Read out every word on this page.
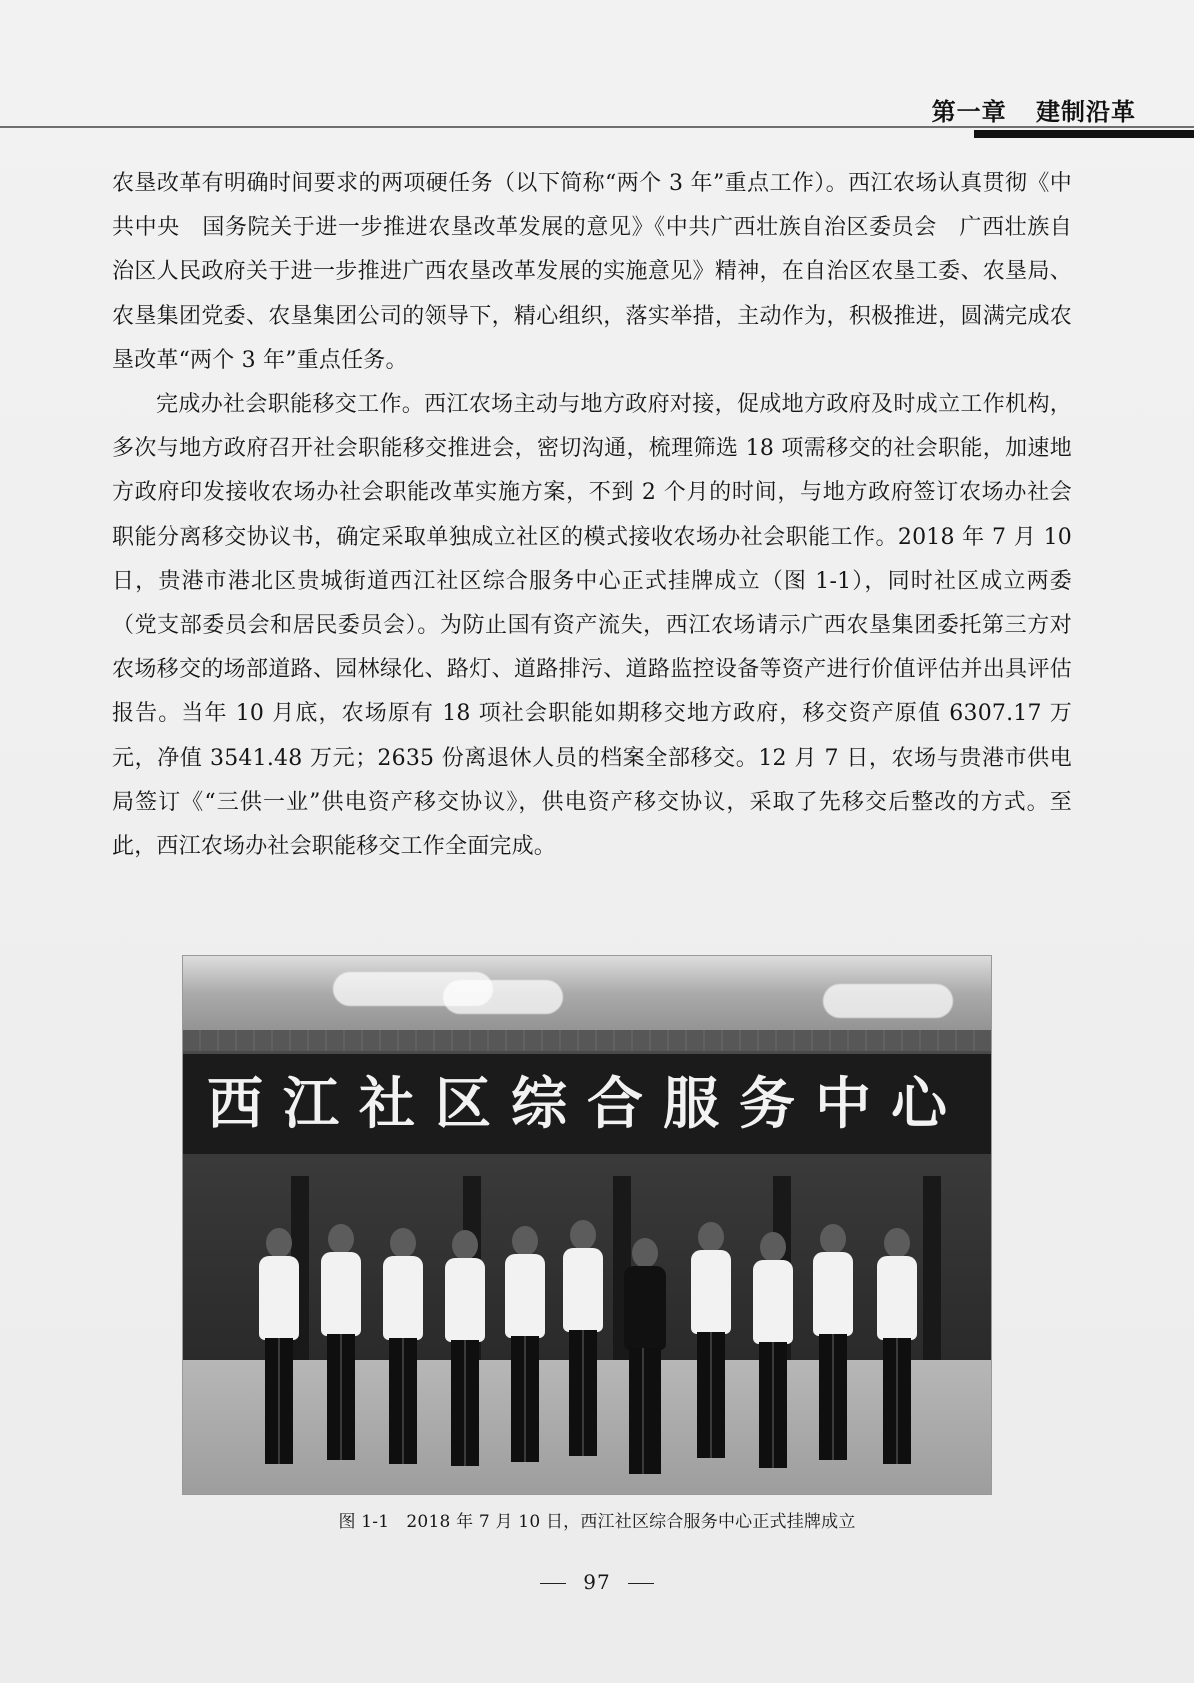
第一章 建制沿革

农垦改革有明确时间要求的两项硬任务（以下简称“两个 3 年”重点工作）。西江农场认真贯彻《中共中央　国务院关于进一步推进农垦改革发展的意见》《中共广西壮族自治区委员会　广西壮族自治区人民政府关于进一步推进广西农垦改革发展的实施意见》精神，在自治区农垦工委、农垦局、农垦集团党委、农垦集团公司的领导下，精心组织，落实举措，主动作为，积极推进，圆满完成农垦改革“两个 3 年”重点任务。

完成办社会职能移交工作。西江农场主动与地方政府对接，促成地方政府及时成立工作机构，多次与地方政府召开社会职能移交推进会，密切沟通，梳理筛选 18 项需移交的社会职能，加速地方政府印发接收农场办社会职能改革实施方案，不到 2 个月的时间，与地方政府签订农场办社会职能分离移交协议书，确定采取单独成立社区的模式接收农场办社会职能工作。2018 年 7 月 10 日，贵港市港北区贵城街道西江社区综合服务中心正式挂牌成立（图 1-1），同时社区成立两委（党支部委员会和居民委员会）。为防止国有资产流失，西江农场请示广西农垦集团委托第三方对农场移交的场部道路、园林绿化、路灯、道路排污、道路监控设备等资产进行价值评估并出具评估报告。当年 10 月底，农场原有 18 项社会职能如期移交地方政府，移交资产原值 6307.17 万元，净值 3541.48 万元；2635 份离退休人员的档案全部移交。12 月 7 日，农场与贵港市供电局签订《“三供一业”供电资产移交协议》，供电资产移交协议，采取了先移交后整改的方式。至此，西江农场办社会职能移交工作全面完成。

西江社区综合服务中心
图 1-1　2018 年 7 月 10 日，西江社区综合服务中心正式挂牌成立
97
